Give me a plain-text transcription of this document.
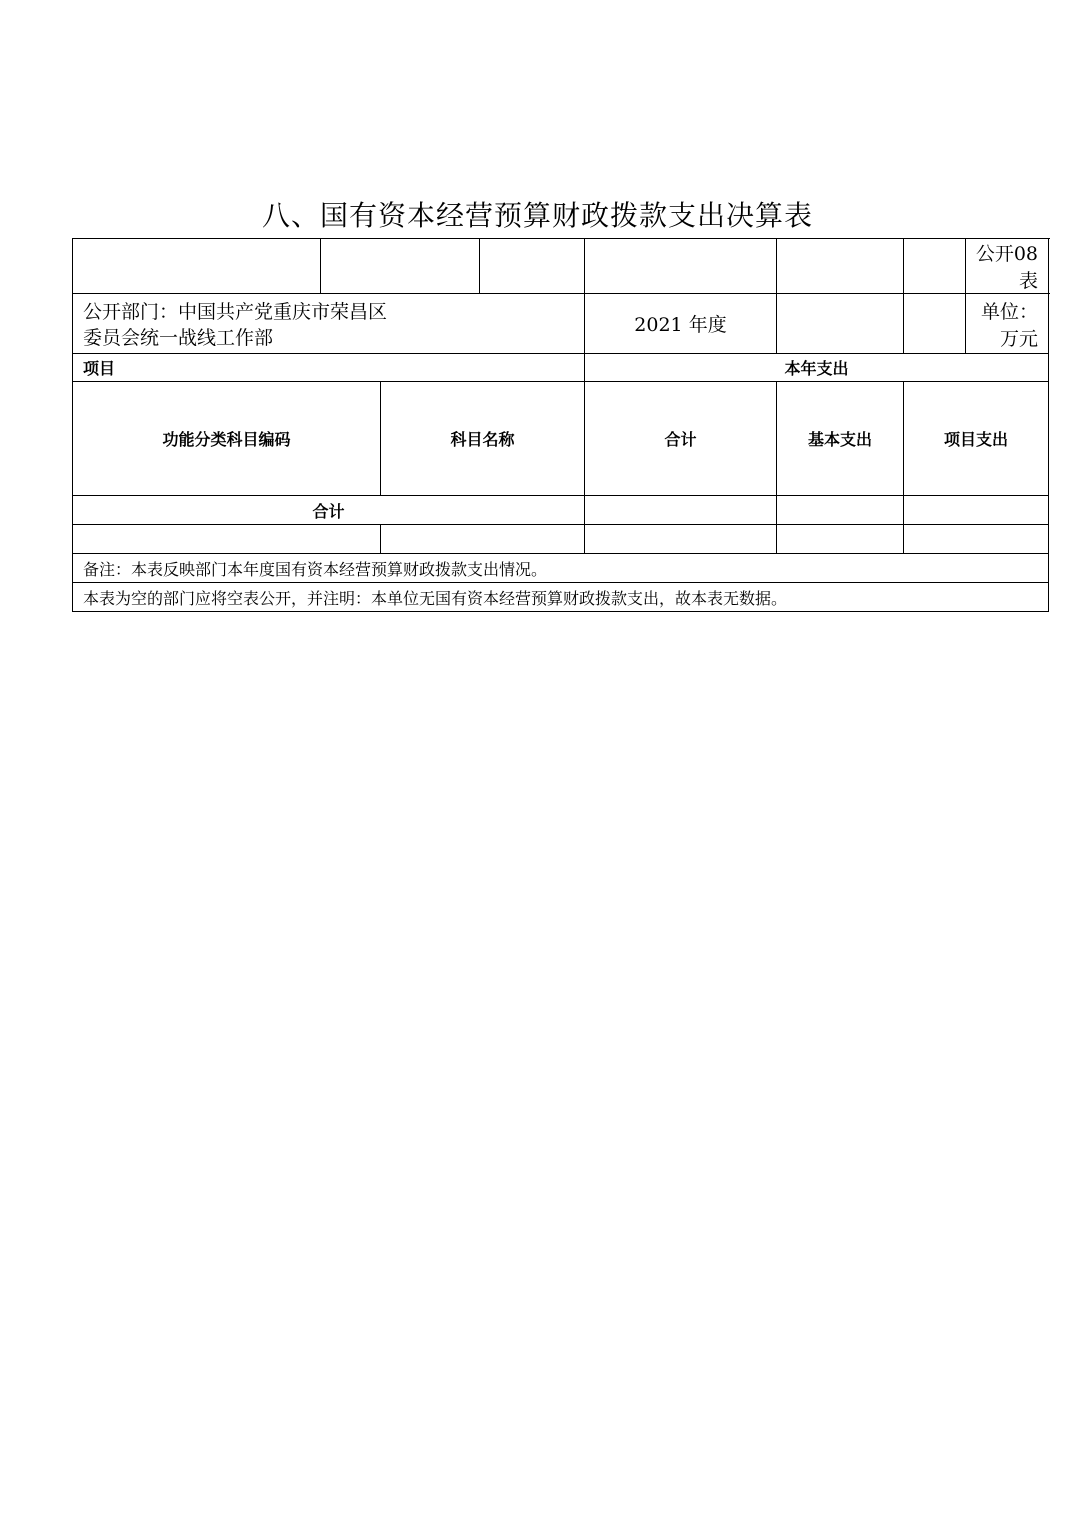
八、国有资本经营预算财政拨款支出决算表
							公开08表
公开部门：中国共产党重庆市荣昌区
委员会统一战线工作部				2021 年度			单位：万元
项目				本年支出			
功能分类科目编码		科目名称		合计	基本支出	项目支出	
合计							

备注：本表反映部门本年度国有资本经营预算财政拨款支出情况。							
本表为空的部门应将空表公开，并注明：本单位无国有资本经营预算财政拨款支出，故本表无数据。							
